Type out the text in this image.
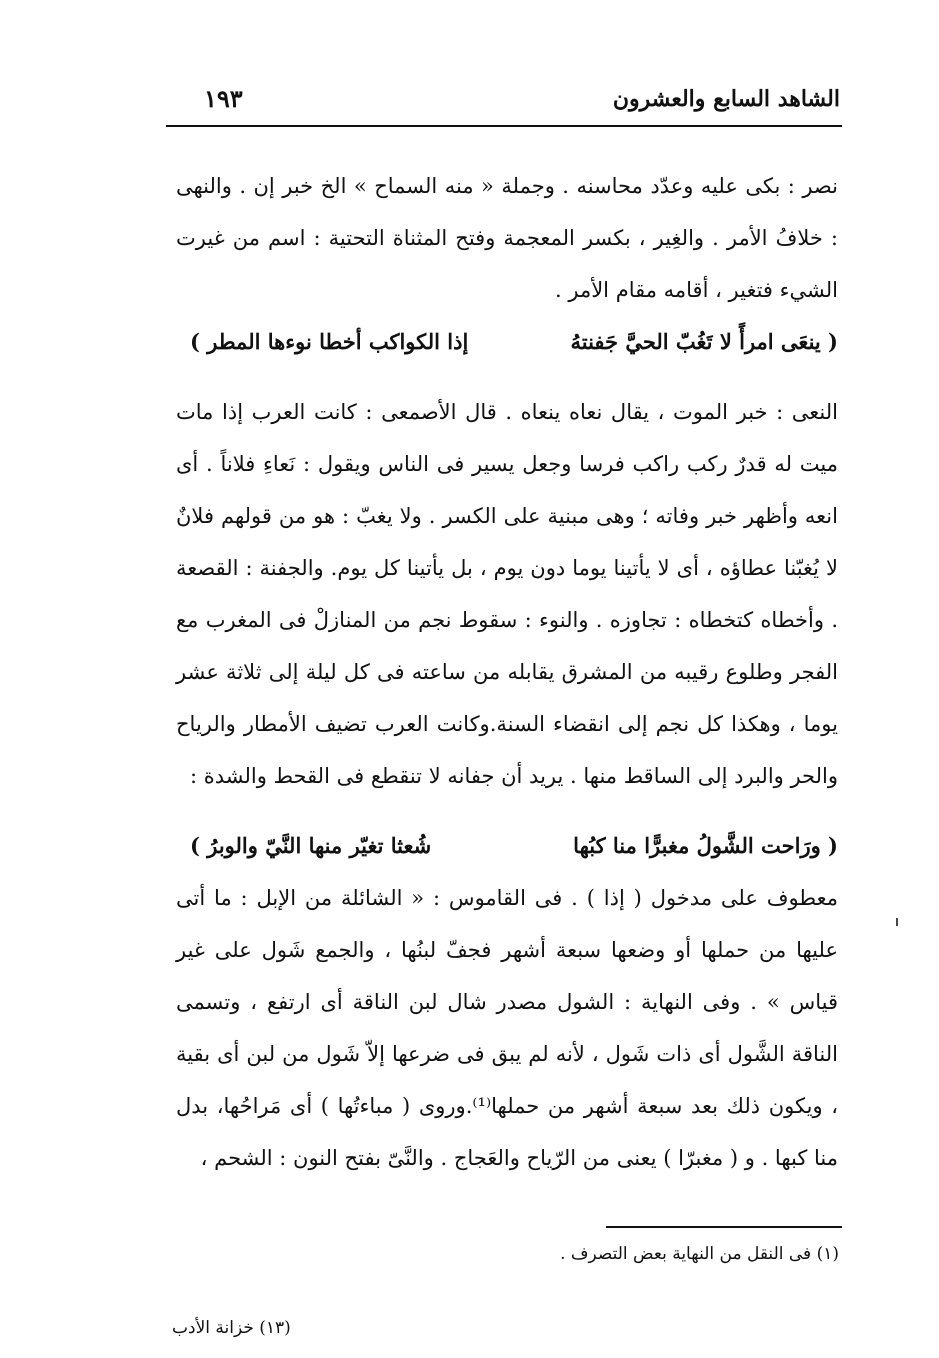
الشاهد السابع والعشرون
١٩٣

نصر : بكى عليه وعدّد محاسنه . وجملة « منه السماح » الخ خبر إن . والنهى : خلافُ الأمر . والغِير ، بكسر المعجمة وفتح المثناة التحتية : اسم من غيرت الشيء فتغير ، أقامه مقام الأمر .

( ينعَى امرأً لا تَغُبّ الحيَّ جَفنتهُ
إذا الكواكب أخطا نوءها المطر )

النعى : خبر الموت ، يقال نعاه ينعاه . قال الأصمعى : كانت العرب إذا مات ميت له قدرٌ ركب راكب فرسا وجعل يسير فى الناس ويقول : نَعاءِ فلاناً . أى انعه وأظهر خبر وفاته ؛ وهى مبنية على الكسر . ولا يغبّ : هو من قولهم فلانٌ لا يُغبّنا عطاؤه ، أى لا يأتينا يوما دون يوم ، بل يأتينا كل يوم. والجفنة : القصعة . وأخطاه كتخطاه : تجاوزه . والنوء : سقوط نجم من المنازلْ فى المغرب مع الفجر وطلوع رقيبه من المشرق يقابله من ساعته فى كل ليلة إلى ثلاثة عشر يوما ، وهكذا كل نجم إلى انقضاء السنة.وكانت العرب تضيف الأمطار والرياح والحر والبرد إلى الساقط منها . يريد أن جفانه لا تنقطع فى القحط والشدة :

( ورَاحت الشَّولُ مغبرًّا منا كبُها
شُعثا تغيّر منها النَّيّ والوبرُ )

معطوف على مدخول ( إذا ) . فى القاموس : « الشائلة من الإبل : ما أتى عليها من حملها أو وضعها سبعة أشهر فجفّ لبنُها ، والجمع شَول على غير قياس » . وفى النهاية : الشول مصدر شال لبن الناقة أى ارتفع ، وتسمى الناقة الشَّول أى ذات شَول ، لأنه لم يبق فى ضرعها إلاّ شَول من لبن أى بقية ، ويكون ذلك بعد سبعة أشهر من حملها⁽¹⁾.وروى ( مباءتُها ) أى مَراحُها، بدل منا كبها . و ( مغبرّا ) يعنى من الرّياح والعَجاج . والنَّىّ بفتح النون : الشحم ،

(١) فى النقل من النهاية بعض التصرف .
(١٣) خزانة الأدب
